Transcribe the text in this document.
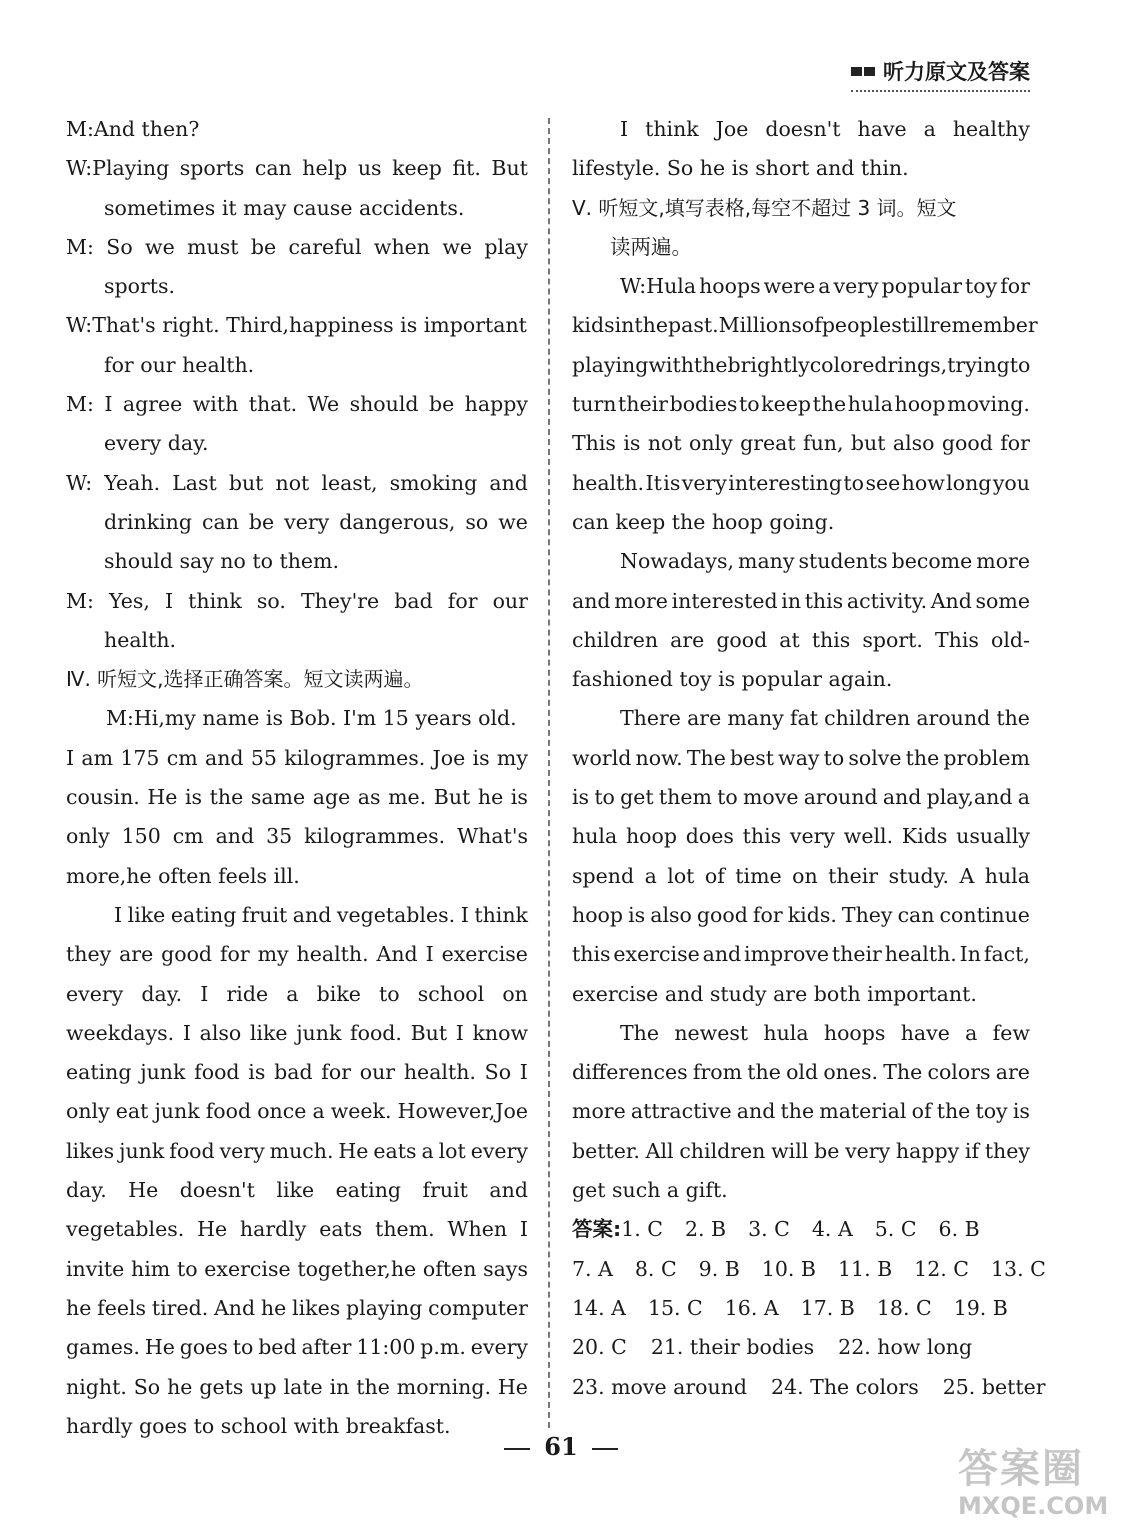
听力原文及答案
M:And then?
W:Playing sports can help us keep fit. But
sometimes it may cause accidents.
M: So we must be careful when we play
sports.
W:That's right. Third,happiness is important
for our health.
M: I agree with that. We should be happy
every day.
W: Yeah. Last but not least, smoking and
drinking can be very dangerous, so we
should say no to them.
M: Yes, I think so. They're bad for our
health.
Ⅳ. 听短文,选择正确答案。短文读两遍。
M:Hi,my name is Bob. I'm 15 years old.
I am 175 cm and 55 kilogrammes. Joe is my
cousin. He is the same age as me. But he is
only 150 cm and 35 kilogrammes. What's
more,he often feels ill.
I like eating fruit and vegetables. I think
they are good for my health. And I exercise
every day. I ride a bike to school on
weekdays. I also like junk food. But I know
eating junk food is bad for our health. So I
only eat junk food once a week. However,Joe
likes junk food very much. He eats a lot every
day. He doesn't like eating fruit and
vegetables. He hardly eats them. When I
invite him to exercise together,he often says
he feels tired. And he likes playing computer
games. He goes to bed after 11:00 p.m. every
night. So he gets up late in the morning. He
hardly goes to school with breakfast.
I think Joe doesn't have a healthy
lifestyle. So he is short and thin.
Ⅴ. 听短文,填写表格,每空不超过 3 词。短文
读两遍。
W:Hula hoops were a very popular toy for
kids in the past. Millions of people still remember
playing with the brightly colored rings, trying to
turn their bodies to keep the hula hoop moving.
This is not only great fun, but also good for
health. It is very interesting to see how long you
can keep the hoop going.
Nowadays, many students become more
and more interested in this activity. And some
children are good at this sport. This old-
fashioned toy is popular again.
There are many fat children around the
world now. The best way to solve the problem
is to get them to move around and play,and a
hula hoop does this very well. Kids usually
spend a lot of time on their study. A hula
hoop is also good for kids. They can continue
this exercise and improve their health. In fact,
exercise and study are both important.
The newest hula hoops have a few
differences from the old ones. The colors are
more attractive and the material of the toy is
better. All children will be very happy if they
get such a gift.
答案:1. C 2. B 3. C 4. A 5. C 6. B
7. A 8. C 9. B 10. B 11. B 12. C 13. C
14. A 15. C 16. A 17. B 18. C 19. B
20. C 21. their bodies 22. how long
23. move around 24. The colors 25. better
61	答案圈
MXQE.COM
